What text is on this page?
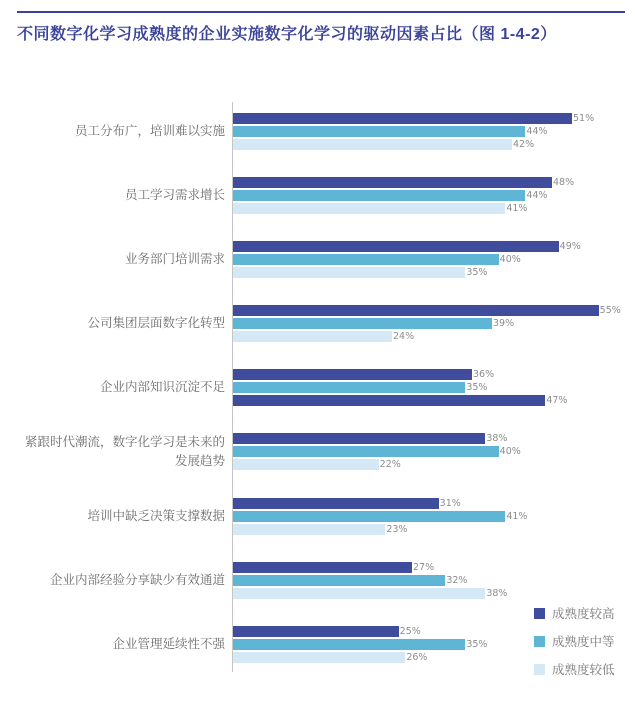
不同数字化学习成熟度的企业实施数字化学习的驱动因素占比（图 1-4-2）
员工分布广，培训难以实施
51%
44%
42%
员工学习需求增长
48%
44%
41%
业务部门培训需求
49%
40%
35%
公司集团层面数字化转型
55%
39%
24%
企业内部知识沉淀不足
36%
35%
47%
紧跟时代潮流，数字化学习是未来的发展趋势
38%
40%
22%
培训中缺乏决策支撑数据
31%
41%
23%
企业内部经验分享缺少有效通道
27%
32%
38%
企业管理延续性不强
25%
35%
26%
成熟度较高
成熟度中等
成熟度较低
